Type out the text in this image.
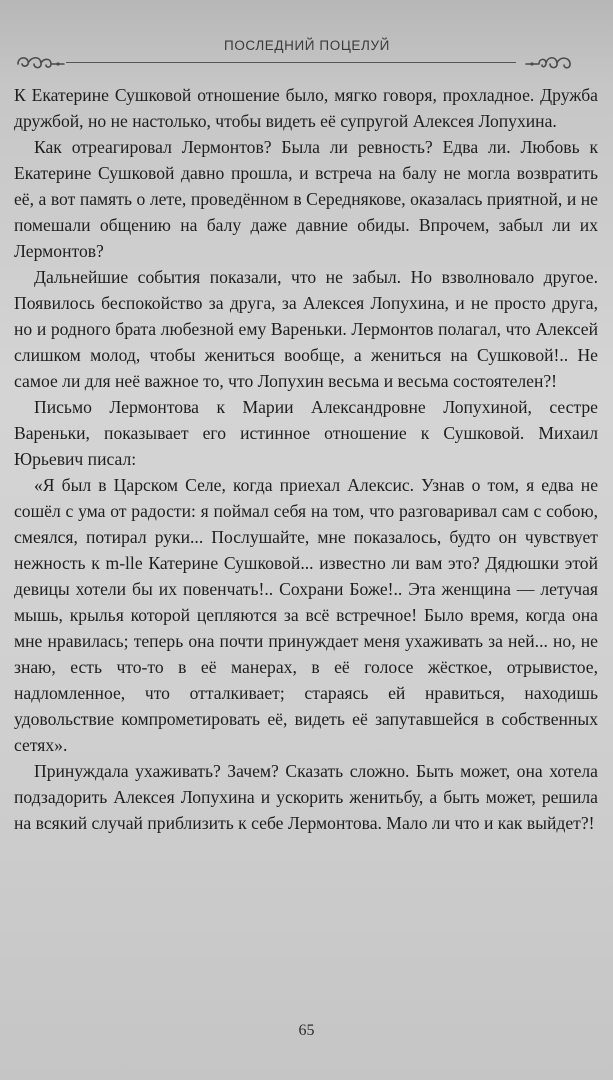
ПОСЛЕДНИЙ ПОЦЕЛУЙ

К Екатерине Сушковой отношение было, мягко говоря, прохладное. Дружба дружбой, но не настолько, чтобы видеть её супругой Алексея Лопухина.

Как отреагировал Лермонтов? Была ли ревность? Едва ли. Любовь к Екатерине Сушковой давно прошла, и встреча на балу не могла возвратить её, а вот память о лете, проведённом в Середнякове, оказалась приятной, и не помешали общению на балу даже давние обиды. Впрочем, забыл ли их Лермонтов?

Дальнейшие события показали, что не забыл. Но взволновало другое. Появилось беспокойство за друга, за Алексея Лопухина, и не просто друга, но и родного брата любезной ему Вареньки. Лермонтов полагал, что Алексей слишком молод, чтобы жениться вообще, а жениться на Сушковой!.. Не самое ли для неё важное то, что Лопухин весьма и весьма состоятелен?!

Письмо Лермонтова к Марии Александровне Лопухиной, сестре Вареньки, показывает его истинное отношение к Сушковой. Михаил Юрьевич писал:

«Я был в Царском Селе, когда приехал Алексис. Узнав о том, я едва не сошёл с ума от радости: я поймал себя на том, что разговаривал сам с собою, смеялся, потирал руки... Послушайте, мне показалось, будто он чувствует нежность к m-lle Катерине Сушковой... известно ли вам это? Дядюшки этой девицы хотели бы их повенчать!.. Сохрани Боже!.. Эта женщина — летучая мышь, крылья которой цепляются за всё встречное! Было время, когда она мне нравилась; теперь она почти принуждает меня ухаживать за ней... но, не знаю, есть что-то в её манерах, в её голосе жёсткое, отрывистое, надломленное, что отталкивает; стараясь ей нравиться, находишь удовольствие компрометировать её, видеть её запутавшейся в собственных сетях».

Принуждала ухаживать? Зачем? Сказать сложно. Быть может, она хотела подзадорить Алексея Лопухина и ускорить женитьбу, а быть может, решила на всякий случай приблизить к себе Лермонтова. Мало ли что и как выйдет?!

65
